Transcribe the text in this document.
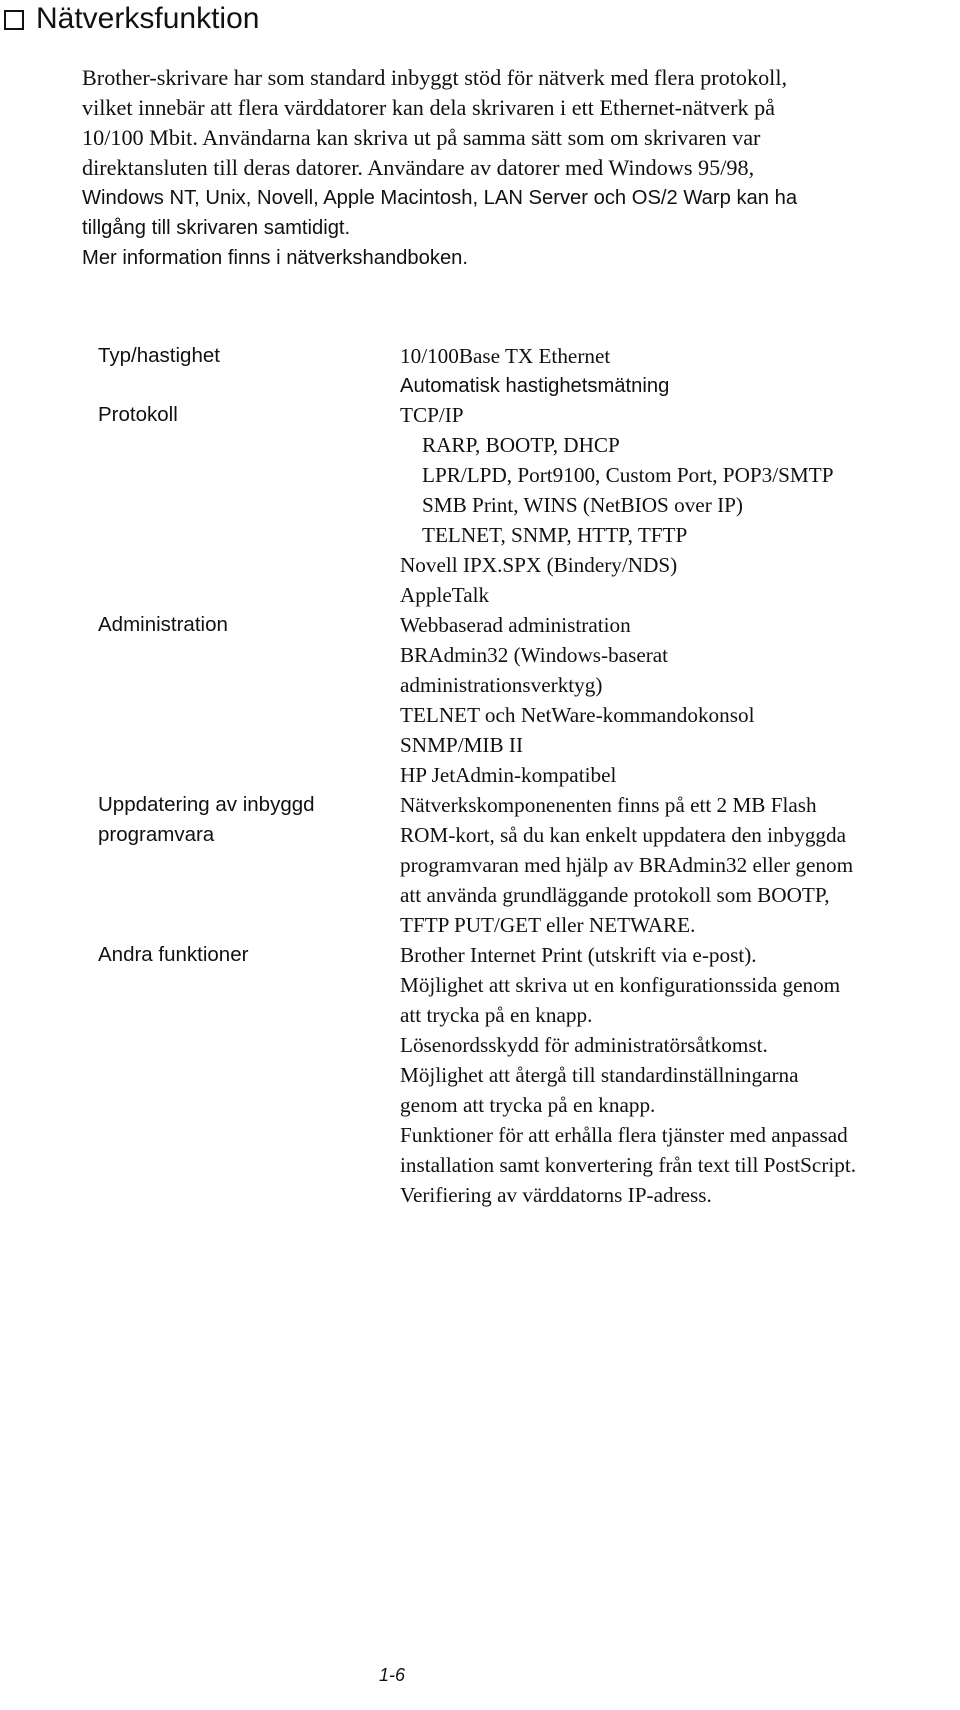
Nätverksfunktion
Brother-skrivare har som standard inbyggt stöd för nätverk med flera protokoll,
vilket innebär att flera värddatorer kan dela skrivaren i ett Ethernet-nätverk på
10/100 Mbit. Användarna kan skriva ut på samma sätt som om skrivaren var
direktansluten till deras datorer. Användare av datorer med Windows 95/98,
Windows NT, Unix, Novell, Apple Macintosh, LAN Server och OS/2 Warp kan ha
tillgång till skrivaren samtidigt.
Mer information finns i nätverkshandboken.
Typ/hastighet
Protokoll
Administration
Uppdatering av inbyggd
programvara
Andra funktioner
10/100Base TX Ethernet
Automatisk hastighetsmätning
TCP/IP
RARP, BOOTP, DHCP
LPR/LPD, Port9100, Custom Port, POP3/SMTP
SMB Print, WINS (NetBIOS over IP)
TELNET, SNMP, HTTP, TFTP
Novell IPX.SPX (Bindery/NDS)
AppleTalk
Webbaserad administration
BRAdmin32 (Windows-baserat
administrationsverktyg)
TELNET och NetWare-kommandokonsol
SNMP/MIB II
HP JetAdmin-kompatibel
Nätverkskomponenenten finns på ett 2 MB Flash
ROM-kort, så du kan enkelt uppdatera den inbyggda
programvaran med hjälp av BRAdmin32 eller genom
att använda grundläggande protokoll som BOOTP,
TFTP PUT/GET eller NETWARE.
Brother Internet Print (utskrift via e-post).
Möjlighet att skriva ut en konfigurationssida genom
att trycka på en knapp.
Lösenordsskydd för administratörsåtkomst.
Möjlighet att återgå till standardinställningarna
genom att trycka på en knapp.
Funktioner för att erhålla flera tjänster med anpassad
installation samt konvertering från text till PostScript.
Verifiering av värddatorns IP-adress.
1-6
